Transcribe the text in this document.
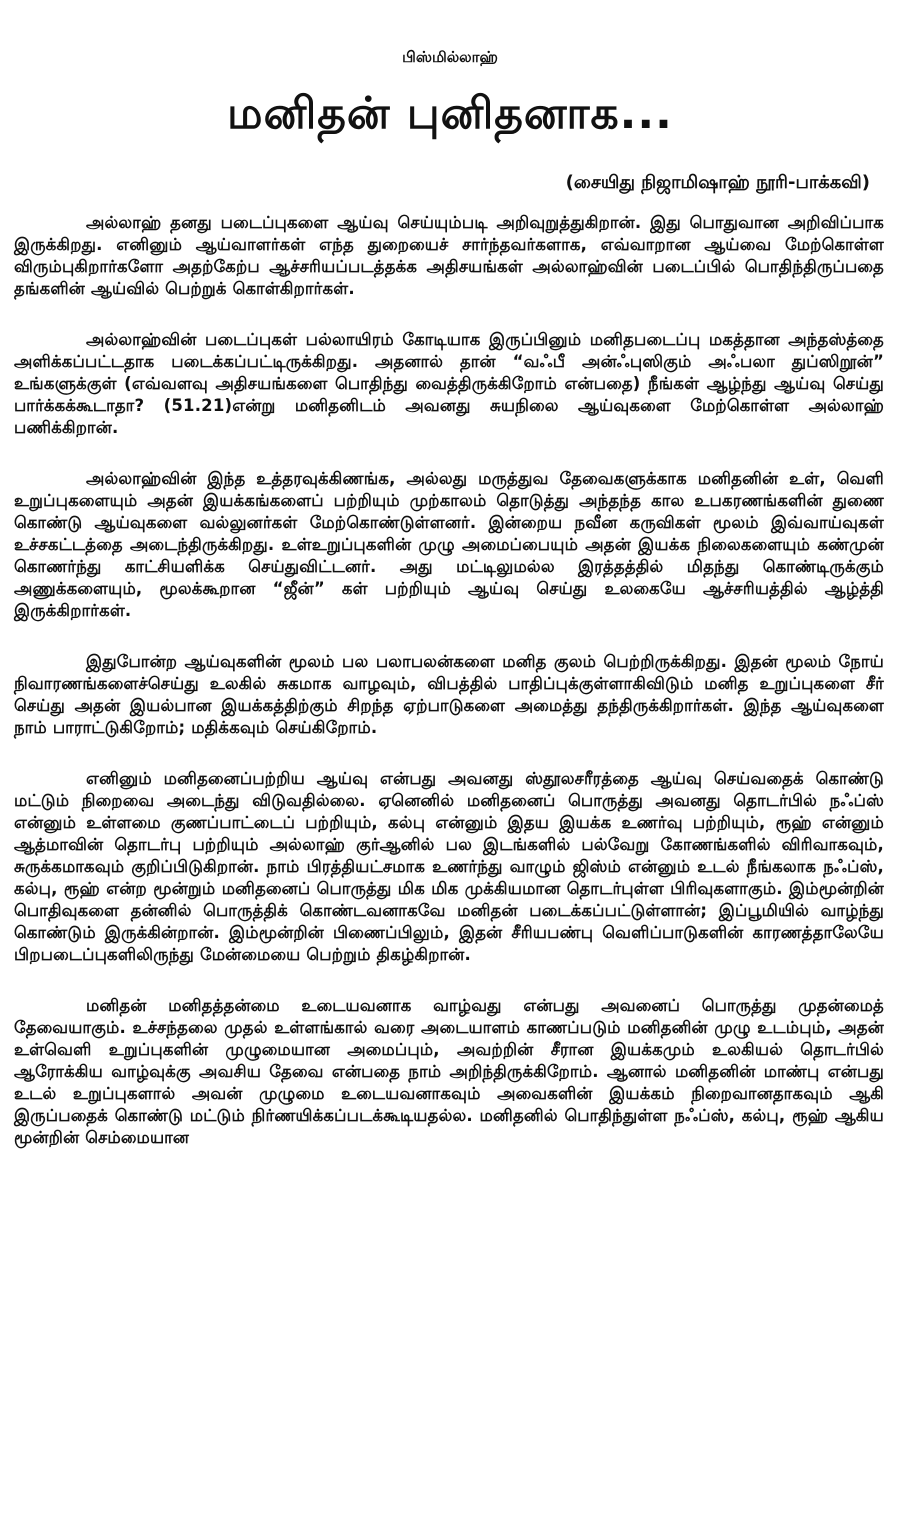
பிஸ்மில்லாஹ்
மனிதன் புனிதனாக...
(சையிது நிஜாமிஷாஹ் நூரி-பாக்கவி)

அல்லாஹ் தனது படைப்புகளை ஆய்வு செய்யும்படி அறிவுறுத்துகிறான். இது பொதுவான அறிவிப்பாக இருக்கிறது. எனினும் ஆய்வாளர்கள் எந்த துறையைச் சார்ந்தவர்களாக, எவ்வாறான ஆய்வை மேற்கொள்ள விரும்புகிறார்களோ அதற்கேற்ப ஆச்சரியப்படத்தக்க அதிசயங்கள் அல்லாஹ்வின் படைப்பில் பொதிந்திருப்பதை தங்களின் ஆய்வில் பெற்றுக் கொள்கிறார்கள்.

அல்லாஹ்வின் படைப்புகள் பல்லாயிரம் கோடியாக இருப்பினும் மனிதபடைப்பு மகத்தான அந்தஸ்த்தை அளிக்கப்பட்டதாக படைக்கப்பட்டிருக்கிறது. அதனால் தான் “வஃபீ அன்ஃபுஸிகும் அஃபலா துப்ஸிறூன்” உங்களுக்குள் (எவ்வளவு அதிசயங்களை பொதிந்து வைத்திருக்கிறோம் என்பதை) நீங்கள் ஆழ்ந்து ஆய்வு செய்து பார்க்கக்கூடாதா? (51.21)என்று மனிதனிடம் அவனது சுயநிலை ஆய்வுகளை மேற்கொள்ள அல்லாஹ் பணிக்கிறான்.

அல்லாஹ்வின் இந்த உத்தரவுக்கிணங்க, அல்லது மருத்துவ தேவைகளுக்காக மனிதனின் உள், வெளி உறுப்புகளையும் அதன் இயக்கங்களைப் பற்றியும் முற்காலம் தொடுத்து அந்தந்த கால உபகரணங்களின் துணை கொண்டு ஆய்வுகளை வல்லுனர்கள் மேற்கொண்டுள்ளனர். இன்றைய நவீன கருவிகள் மூலம் இவ்வாய்வுகள் உச்சகட்டத்தை அடைந்திருக்கிறது. உள்உறுப்புகளின் முழு அமைப்பையும் அதன் இயக்க நிலைகளையும் கண்முன் கொணர்ந்து காட்சியளிக்க செய்துவிட்டனர். அது மட்டிலுமல்ல இரத்தத்தில் மிதந்து கொண்டிருக்கும் அணுக்களையும், மூலக்கூறான “ஜீன்” கள் பற்றியும் ஆய்வு செய்து உலகையே ஆச்சரியத்தில் ஆழ்த்தி இருக்கிறார்கள்.

இதுபோன்ற ஆய்வுகளின் மூலம் பல பலாபலன்களை மனித குலம் பெற்றிருக்கிறது. இதன் மூலம் நோய் நிவாரணங்களைச்செய்து உலகில் சுகமாக வாழவும், விபத்தில் பாதிப்புக்குள்ளாகிவிடும் மனித உறுப்புகளை சீர் செய்து அதன் இயல்பான இயக்கத்திற்கும் சிறந்த ஏற்பாடுகளை அமைத்து தந்திருக்கிறார்கள். இந்த ஆய்வுகளை நாம் பாராட்டுகிறோம்; மதிக்கவும் செய்கிறோம்.

எனினும் மனிதனைப்பற்றிய ஆய்வு என்பது அவனது ஸ்தூலசரீரத்தை ஆய்வு செய்வதைக் கொண்டு மட்டும் நிறைவை அடைந்து விடுவதில்லை. ஏனெனில் மனிதனைப் பொருத்து அவனது தொடர்பில் நஃப்ஸ் என்னும் உள்ளமை குணப்பாட்டைப் பற்றியும், கல்பு என்னும் இதய இயக்க உணர்வு பற்றியும், ரூஹ் என்னும் ஆத்மாவின் தொடர்பு பற்றியும் அல்லாஹ் குர்ஆனில் பல இடங்களில் பல்வேறு கோணங்களில் விரிவாகவும், சுருக்கமாகவும் குறிப்பிடுகிறான். நாம் பிரத்தியட்சமாக உணர்ந்து வாழும் ஜிஸ்ம் என்னும் உடல் நீங்கலாக நஃப்ஸ், கல்பு, ரூஹ் என்ற மூன்றும் மனிதனைப் பொருத்து மிக மிக முக்கியமான தொடர்புள்ள பிரிவுகளாகும். இம்மூன்றின் பொதிவுகளை தன்னில் பொருத்திக் கொண்டவனாகவே மனிதன் படைக்கப்பட்டுள்ளான்; இப்பூமியில் வாழ்ந்து கொண்டும் இருக்கின்றான். இம்மூன்றின் பிணைப்பிலும், இதன் சீரியபண்பு வெளிப்பாடுகளின் காரணத்தாலேயே பிறபடைப்புகளிலிருந்து மேன்மையை பெற்றும் திகழ்கிறான்.

மனிதன் மனிதத்தன்மை உடையவனாக வாழ்வது என்பது அவனைப் பொருத்து முதன்மைத் தேவையாகும். உச்சந்தலை முதல் உள்ளங்கால் வரை அடையாளம் காணப்படும் மனிதனின் முழு உடம்பும், அதன் உள்வெளி உறுப்புகளின் முழுமையான அமைப்பும், அவற்றின் சீரான இயக்கமும் உலகியல் தொடர்பில் ஆரோக்கிய வாழ்வுக்கு அவசிய தேவை என்பதை நாம் அறிந்திருக்கிறோம். ஆனால் மனிதனின் மாண்பு என்பது உடல் உறுப்புகளால் அவன் முழுமை உடையவனாகவும் அவைகளின் இயக்கம் நிறைவானதாகவும் ஆகி இருப்பதைக் கொண்டு மட்டும் நிர்ணயிக்கப்படக்கூடியதல்ல. மனிதனில் பொதிந்துள்ள நஃப்ஸ், கல்பு, ரூஹ் ஆகிய மூன்றின் செம்மையான
